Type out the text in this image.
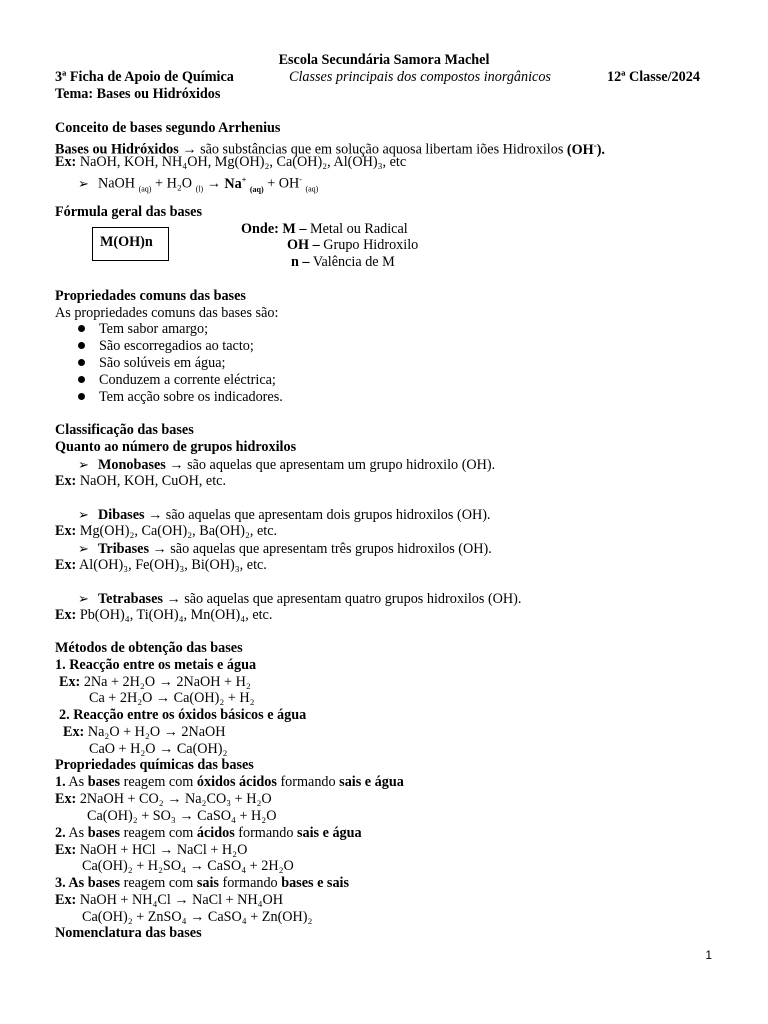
Escola Secundária Samora Machel
3ª Ficha de Apoio de Química	Classes principais dos compostos inorgânicos	12ª Classe/2024
Tema: Bases ou Hidróxidos
Conceito de bases segundo Arrhenius
Bases ou Hidróxidos → são substâncias que em solução aquosa libertam iões Hidroxilos (OH-).
Ex: NaOH, KOH, NH₄OH, Mg(OH)₂, Ca(OH)₂, Al(OH)₃, etc
➢ NaOH $_{(aq)}$ + H₂O $_{(l)}$ → Na+ $_{(aq)}$ + OH- $_{(aq)}$
Fórmula geral das bases
M(OH)n
Onde: M – Metal ou Radical
OH – Grupo Hidroxilo
n – Valência de M
Propriedades comuns das bases
As propriedades comuns das bases são:
Tem sabor amargo;
São escorregadios ao tacto;
São solúveis em água;
Conduzem a corrente eléctrica;
Tem acção sobre os indicadores.
Classificação das bases
Quanto ao número de grupos hidroxilos
➢ Monobases → são aquelas que apresentam um grupo hidroxilo (OH).
Ex: NaOH, KOH, CuOH, etc.
➢ Dibases → são aquelas que apresentam dois grupos hidroxilos (OH).
Ex: Mg(OH)₂, Ca(OH)₂, Ba(OH)₂, etc.
➢ Tribases → são aquelas que apresentam três grupos hidroxilos (OH).
Ex: Al(OH)₃, Fe(OH)₃, Bi(OH)₃, etc.
➢ Tetrabases → são aquelas que apresentam quatro grupos hidroxilos (OH).
Ex: Pb(OH)₄, Ti(OH)₄, Mn(OH)₄, etc.
Métodos de obtenção das bases
1. Reacção entre os metais e água
Ex: 2Na + 2H₂O → 2NaOH + H₂
Ca + 2H₂O → Ca(OH)₂ + H₂
2. Reacção entre os óxidos básicos e água
Ex: Na₂O + H₂O → 2NaOH
CaO + H₂O → Ca(OH)₂
Propriedades químicas das bases
1. As bases reagem com óxidos ácidos formando sais e água
Ex: 2NaOH + CO₂ → Na₂CO₃ + H₂O
Ca(OH)₂ + SO₃ → CaSO₄ + H₂O
2. As bases reagem com ácidos formando sais e água
Ex: NaOH + HCl → NaCl + H₂O
Ca(OH)₂ + H₂SO₄ → CaSO₄ + 2H₂O
3. As bases reagem com sais formando bases e sais
Ex: NaOH + NH₄Cl → NaCl + NH₄OH
Ca(OH)₂ + ZnSO₄ → CaSO₄ + Zn(OH)₂
Nomenclatura das bases
1
